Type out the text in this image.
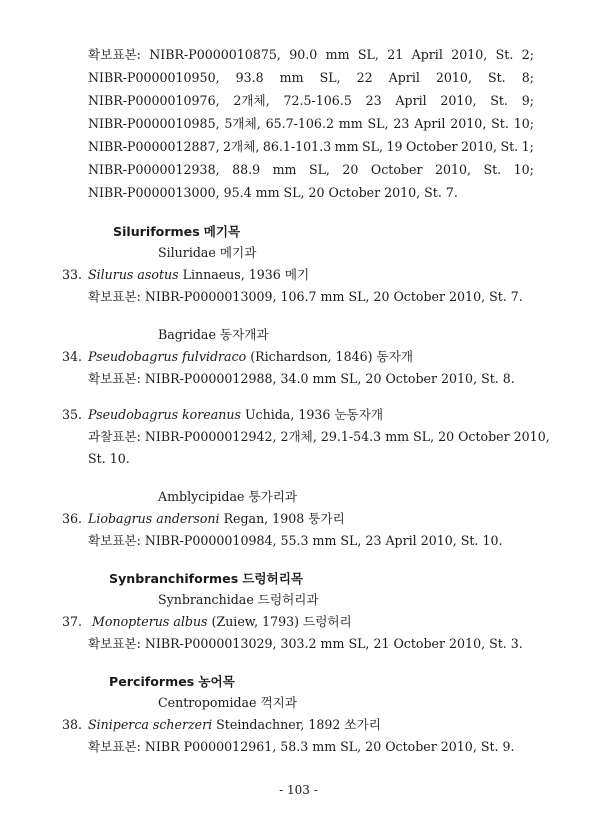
확보표본: NIBR-P0000010875, 90.0 mm SL, 21 April 2010, St. 2;
NIBR-P0000010950, 93.8 mm SL, 22 April 2010, St. 8;
NIBR-P0000010976, 2개체, 72.5-106.5 23 April 2010, St. 9;
NIBR-P0000010985, 5개체, 65.7-106.2 mm SL, 23 April 2010, St. 10;
NIBR-P0000012887, 2개체, 86.1-101.3 mm SL, 19 October 2010, St. 1;
NIBR-P0000012938, 88.9 mm SL, 20 October 2010, St. 10;
NIBR-P0000013000, 95.4 mm SL, 20 October 2010, St. 7.
Siluriformes 메기목
Siluridae 메기과
33. Silurus asotus Linnaeus, 1936 메기
확보표본: NIBR-P0000013009, 106.7 mm SL, 20 October 2010, St. 7.
Bagridae 동자개과
34. Pseudobagrus fulvidraco (Richardson, 1846) 동자개
확보표본: NIBR-P0000012988, 34.0 mm SL, 20 October 2010, St. 8.
35. Pseudobagrus koreanus Uchida, 1936 눈동자개
과찰표본: NIBR-P0000012942, 2개체, 29.1-54.3 mm SL, 20 October 2010,
St. 10.
Amblycipidae 퉁가리과
36. Liobagrus andersoni Regan, 1908 퉁가리
확보표본: NIBR-P0000010984, 55.3 mm SL, 23 April 2010, St. 10.
Synbranchiformes 드렁허리목
Synbranchidae 드렁허리과
37. Monopterus albus (Zuiew, 1793) 드렁허리
확보표본: NIBR-P0000013029, 303.2 mm SL, 21 October 2010, St. 3.
Perciformes 농어목
Centropomidae 꺽지과
- 103 -
38. Siniperca scherzeri Steindachner, 1892 쏘가리
확보표본: NIBR P0000012961, 58.3 mm SL, 20 October 2010, St. 9.
